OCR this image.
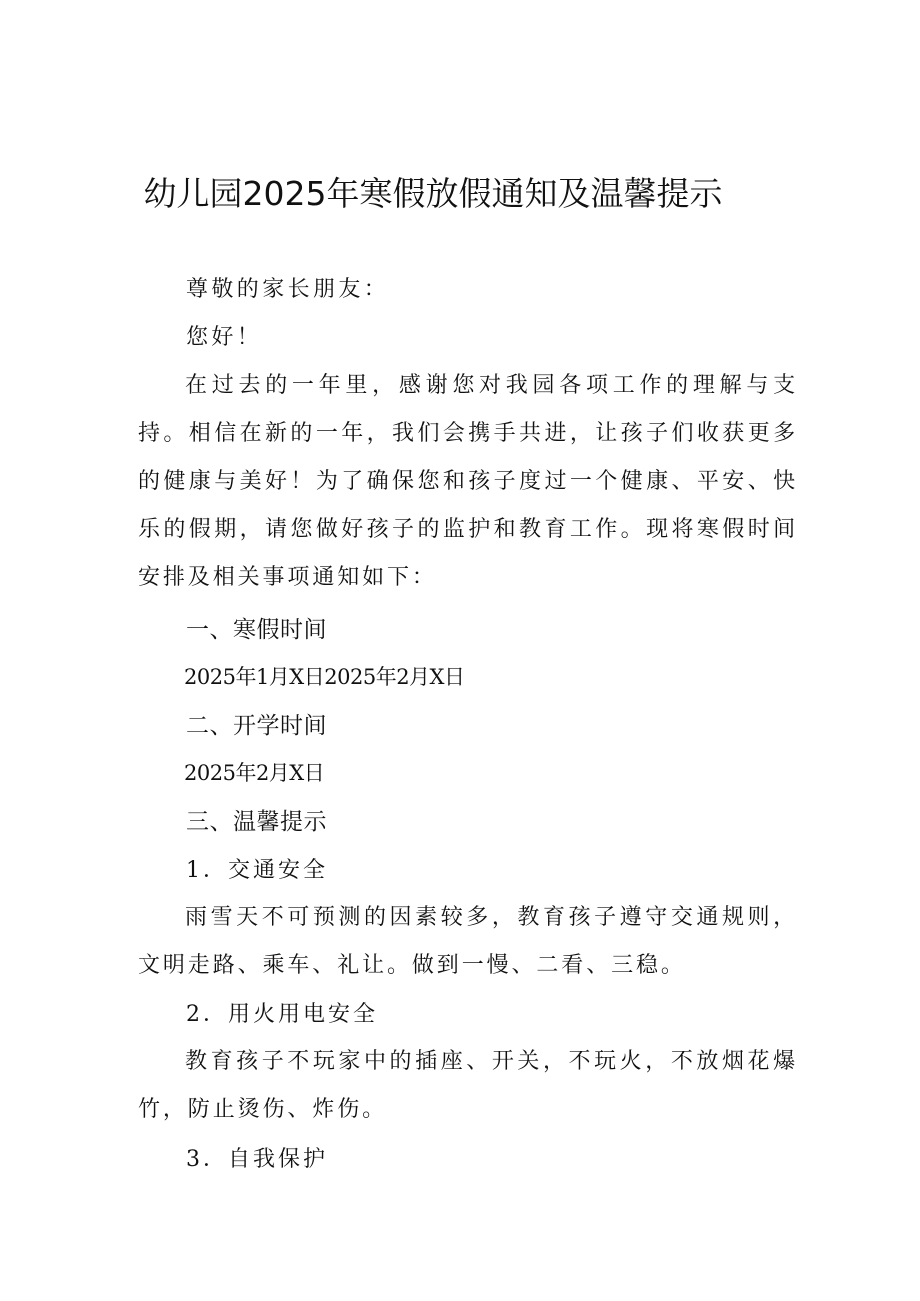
幼儿园2025年寒假放假通知及温馨提示
尊敬的家长朋友：
您好！
在过去的一年里，感谢您对我园各项工作的理解与支持。相信在新的一年，我们会携手共进，让孩子们收获更多的健康与美好！为了确保您和孩子度过一个健康、平安、快乐的假期，请您做好孩子的监护和教育工作。现将寒假时间安排及相关事项通知如下：
一、寒假时间
2025年1月X日2025年2月X日
二、开学时间
2025年2月X日
三、温馨提示
1．交通安全
雨雪天不可预测的因素较多，教育孩子遵守交通规则，文明走路、乘车、礼让。做到一慢、二看、三稳。
2．用火用电安全
教育孩子不玩家中的插座、开关，不玩火，不放烟花爆竹，防止烫伤、炸伤。
3．自我保护
